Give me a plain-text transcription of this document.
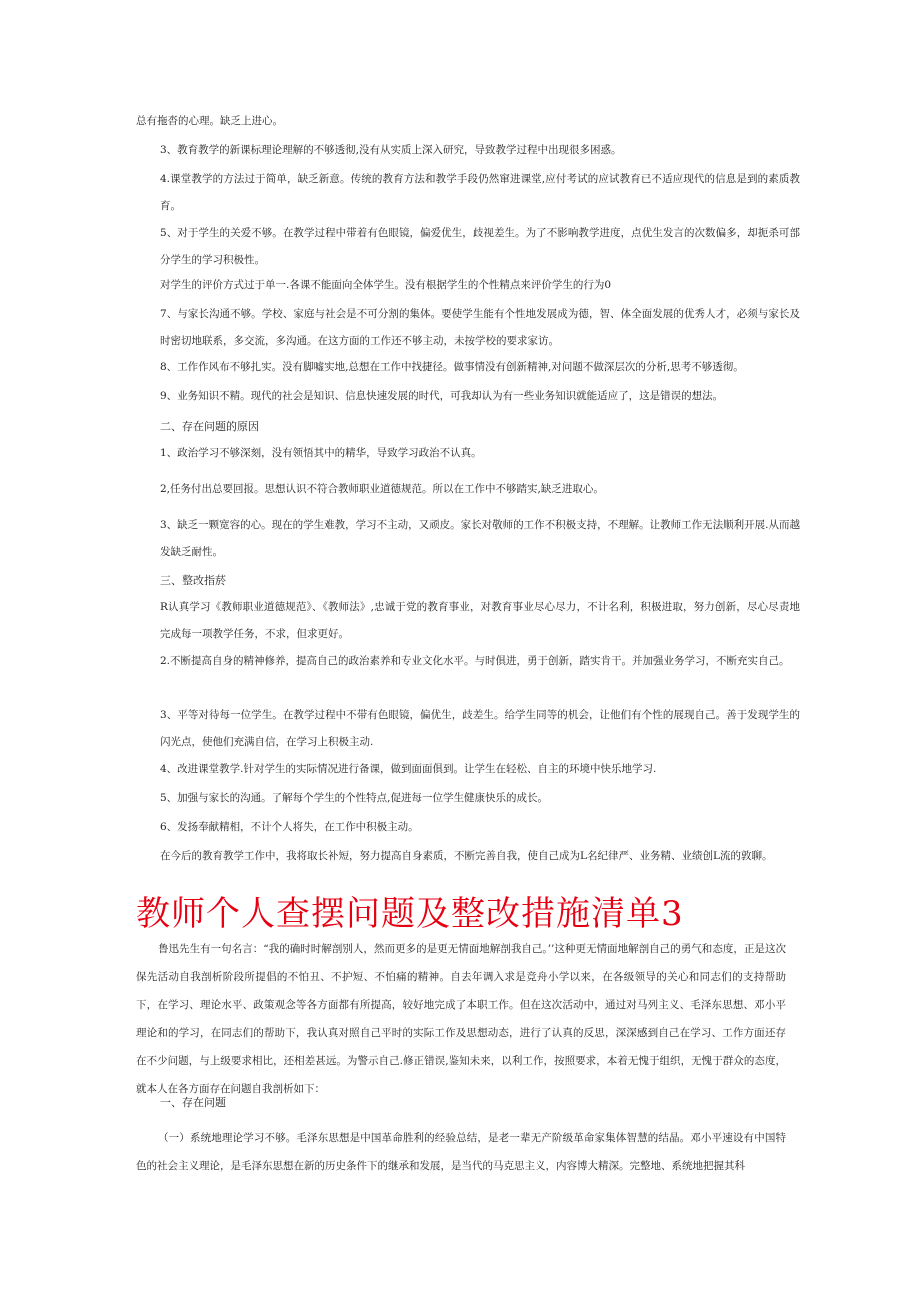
总有拖沓的心理。缺乏上进心。

3、教育教学的新课标理论理解的不够透彻,没有从实质上深入研究，导致教学过程中出现很多困惑。

4.课堂教学的方法过于简单，缺乏新意。传统的教育方法和教学手段仍然窜进课堂,应付考试的应试教育已不适应现代的信息是到的素质教育。

5、对于学生的关爱不够。在教学过程中带着有色眼镜，偏爱优生，歧视差生。为了不影响教学进度，点优生发言的次数偏多，却扼杀可部分学生的学习积极性。

对学生的评价方式过于单一.各课不能面向全体学生。没有根据学生的个性精点来评价学生的行为0

7、与家长沟通不够。学校、家庭与社会是不可分割的集体。要使学生能有个性地发展成为德，智、体全面发展的优秀人才，必须与家长及时密切地联系，多交流，多沟通。在这方面的工作还不够主动，未按学校的要求家访。

8、工作作风布不够扎实。没有脚嘘实地,总想在工作中找捷径。做事情没有创新精神,对问题不做深层次的分析,思考不够透彻。

9、业务知识不精。现代的社会是知识、信息快速发展的时代，可我却认为有一些业务知识就能适应了，这是错误的想法。

二、存在问题的原因

1、政治学习不够深刻，没有领悟其中的精华，导致学习政治不认真。

2,任务付出总要回报。思想认识不符合教师职业道德规范。所以在工作中不够踏实,缺乏进取心。

3、缺乏一颗宽容的心。现在的学生难教，学习不主动，又顽皮。家长对敬师的工作不积极支持，不理解。让教师工作无法顺利开展.从而越发缺乏耐性。

三、整改指菸

R认真学习《教师职业道德规范》、《教师法》,忠诚于党的教育事业，对教育事业尽心尽力，不计名利，积极进取，努力创新，尽心尽责地完成每一项教学任务，不求，但求更好。

2.不断提高自身的精神修养，提高自己的政治素养和专业文化水平。与时俱进，勇于创新，踏实肯干。并加强业务学习，不断充实自己。

3、平等对待每一位学生。在教学过程中不带有色眼镜，偏优生，歧差生。给学生同等的机会，让他们有个性的展现自己。善于发现学生的闪光点，使他们充满自信，在学习上积极主动.

4、改进课堂教学.针对学生的实际情况进行备课，做到面面俱到。让学生在轻松、自主的环境中快乐地学习.

5、加强与家长的沟通。了解每个学生的个性特点,促进每一位学生健康快乐的成长。

6、发扬奉献精相，不计个人将失，在工作中积极主动。

在今后的教育教学工作中，我将取长补短，努力提高自身素质，不断完善自我，使自己成为L名纪律严、业务精、业绩创L流的敦聊。

教师个人查摆问题及整改措施清单3

鲁迅先生有一句名言：“我的确时时解剖别人，然而更多的是更无情面地解剖我自己。’’这种更无情面地解剖自己的勇气和态度，正是这次保先活动自我剖析阶段所提倡的不怕丑、不护短、不怕痛的精神。自去年调入求是竞舟小学以来，在各级领导的关心和同志们的支持帮助下，在学习、理论水平、政策观念等各方面都有所提高，较好地完成了本职工作。但在这次活动中，通过对马列主义、毛泽东思想、邓小平理论和的学习，在同志们的帮助下，我认真对照自己平时的实际工作及思想动态，进行了认真的反思，深深感到自己在学习、工作方面还存在不少问题，与上级要求相比，还相差甚远。为警示自己.修正错误,鉴知未来，以利工作，按照要求，本着无愧于组织，无愧于群众的态度，就本人在各方面存在问题自我剖析如下：

一、存在问题

（一）系统地理论学习不够。毛泽东思想是中国革命胜利的经验总结，是老一辈无产阶级革命家集体智慧的结晶。邓小平速设有中国特色的社会主义理论，是毛泽东思想在新的历史条件下的继承和发展，是当代的马克思主义，内容博大精深。完整地、系统地把握其科
